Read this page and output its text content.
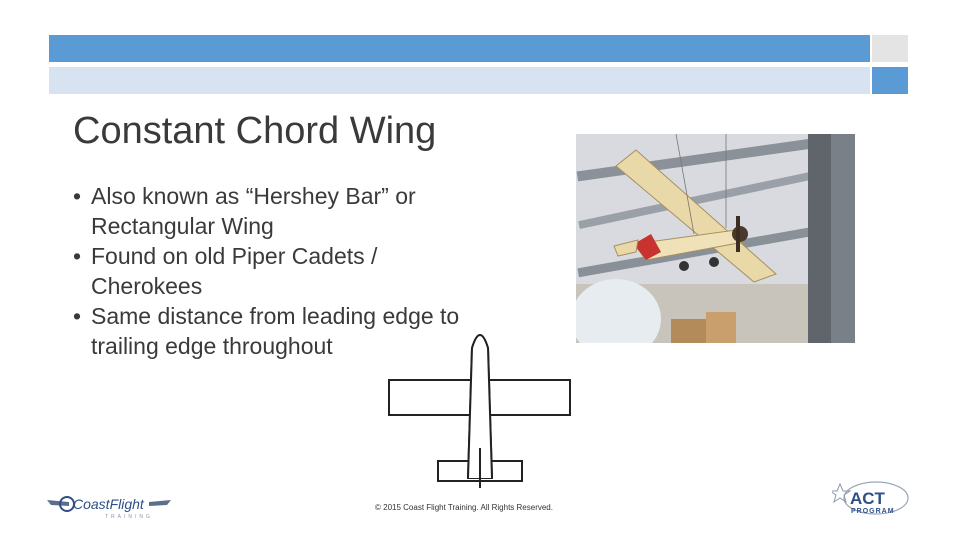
Constant Chord Wing
• Also known as “Hershey Bar” or Rectangular Wing
• Found on old Piper Cadets / Cherokees
• Same distance from leading edge to trailing edge throughout
© 2015 Coast Flight Training. All Rights Reserved.
CoastFlight
TRAINING
ACT
PROGRAM
